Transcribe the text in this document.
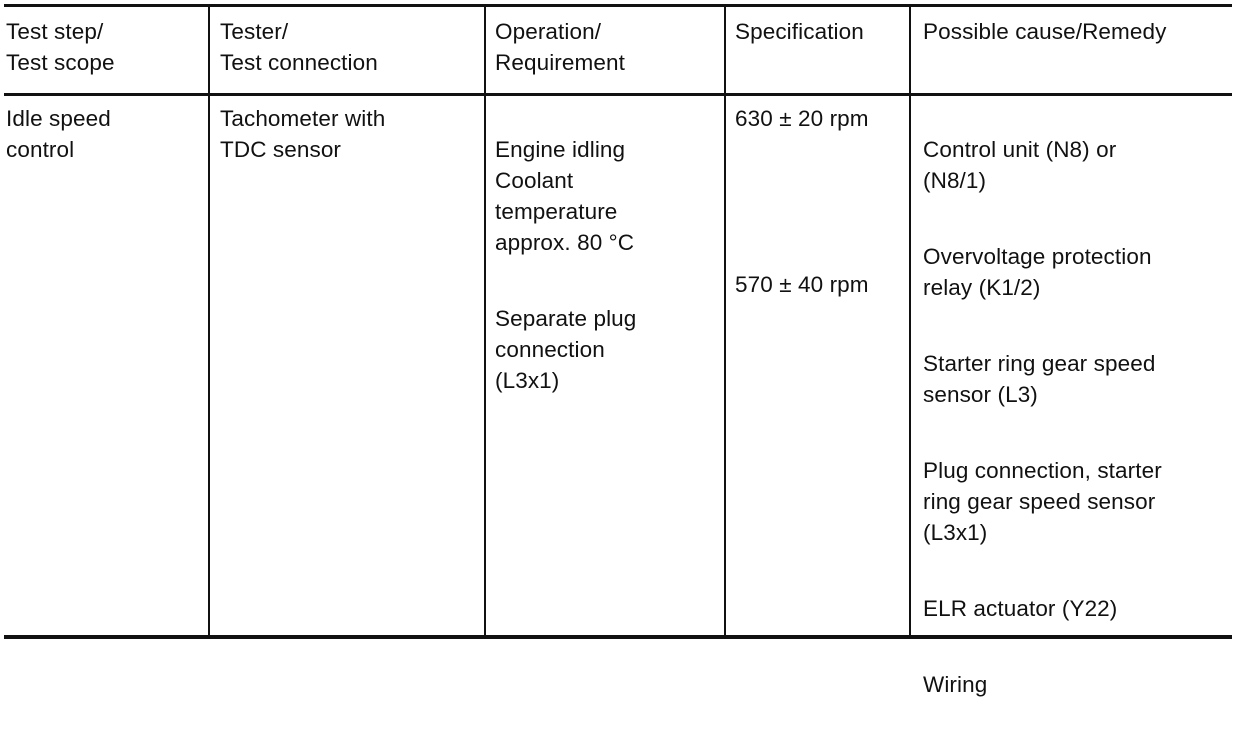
Test step/
Test scope
Tester/
Test connection
Operation/
Requirement
Specification	Possible cause/Remedy
Idle speed
control
Tachometer with
TDC sensor	Engine idling
Coolant
temperature
approx. 80 °C

Separate plug
connection
(L3x1)

630 ± 20 rpm

570 ± 40 rpm

Control unit (N8) or
(N8/1)

Overvoltage protection
relay (K1/2)

Starter ring gear speed
sensor (L3)

Plug connection, starter
ring gear speed sensor
(L3x1)

ELR actuator (Y22)

Wiring
